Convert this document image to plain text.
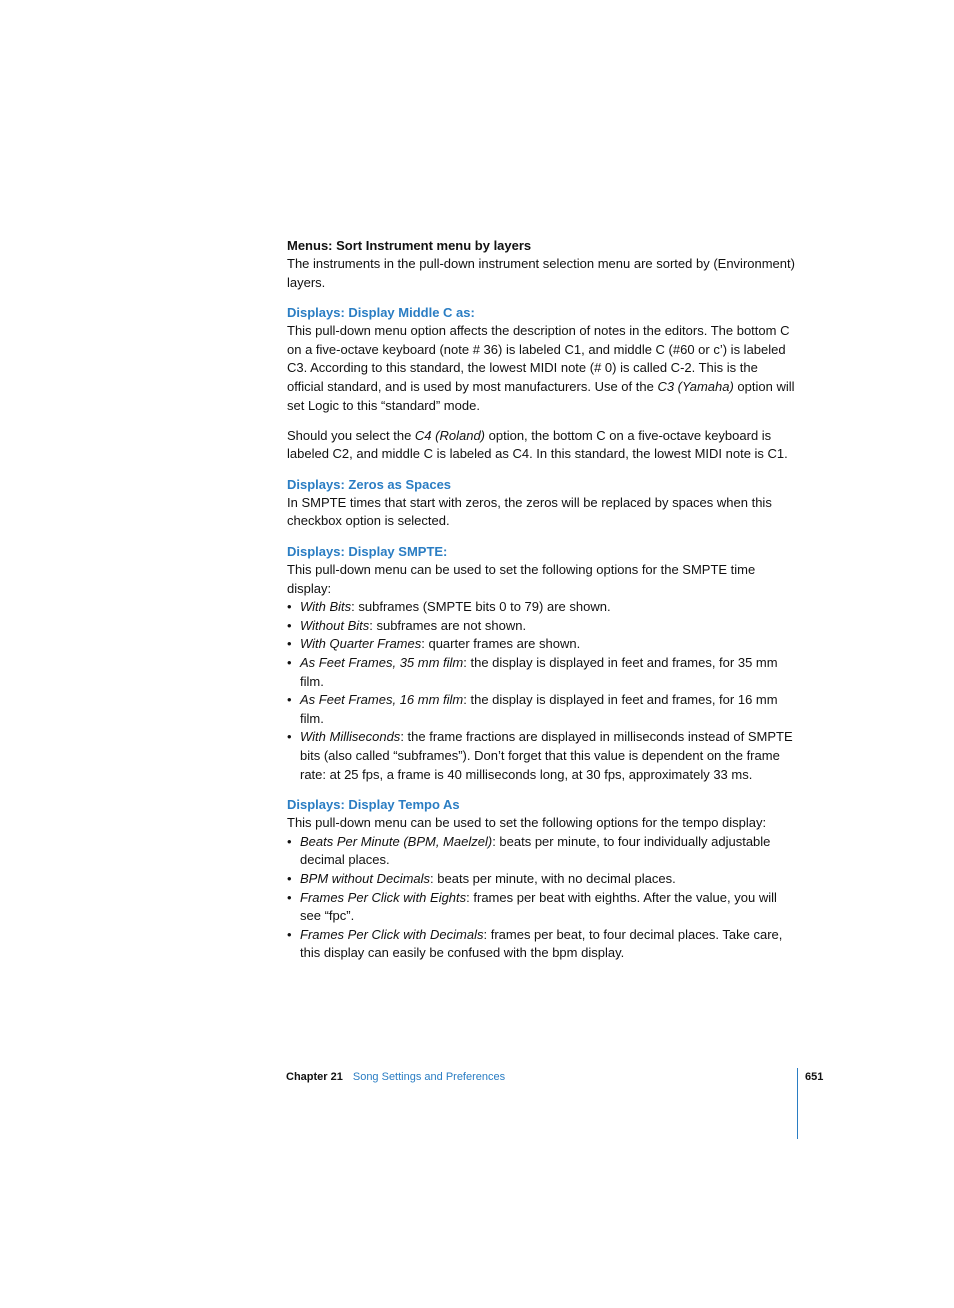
Menus: Sort Instrument menu by layers

The instruments in the pull-down instrument selection menu are sorted by (Environment) layers.

Displays: Display Middle C as:

This pull-down menu option affects the description of notes in the editors. The bottom C on a five-octave keyboard (note # 36) is labeled C1, and middle C (#60 or c’) is labeled C3. According to this standard, the lowest MIDI note (# 0) is called C-2. This is the official standard, and is used by most manufacturers. Use of the C3 (Yamaha) option will set Logic to this “standard” mode.

Should you select the C4 (Roland) option, the bottom C on a five-octave keyboard is labeled C2, and middle C is labeled as C4. In this standard, the lowest MIDI note is C1.

Displays: Zeros as Spaces

In SMPTE times that start with zeros, the zeros will be replaced by spaces when this checkbox option is selected.

Displays: Display SMPTE:

This pull-down menu can be used to set the following options for the SMPTE time display:

• With Bits: subframes (SMPTE bits 0 to 79) are shown.
• Without Bits: subframes are not shown.
• With Quarter Frames: quarter frames are shown.
• As Feet Frames, 35 mm film: the display is displayed in feet and frames, for 35 mm film.
• As Feet Frames, 16 mm film: the display is displayed in feet and frames, for 16 mm film.
• With Milliseconds: the frame fractions are displayed in milliseconds instead of SMPTE bits (also called “subframes”). Don’t forget that this value is dependent on the frame rate: at 25 fps, a frame is 40 milliseconds long, at 30 fps, approximately 33 ms.
Displays: Display Tempo As

This pull-down menu can be used to set the following options for the tempo display:

• Beats Per Minute (BPM, Maelzel): beats per minute, to four individually adjustable decimal places.
• BPM without Decimals: beats per minute, with no decimal places.
• Frames Per Click with Eights: frames per beat with eighths. After the value, you will see “fpc”.
• Frames Per Click with Decimals: frames per beat, to four decimal places. Take care, this display can easily be confused with the bpm display.
Chapter 21 Song Settings and Preferences	651
